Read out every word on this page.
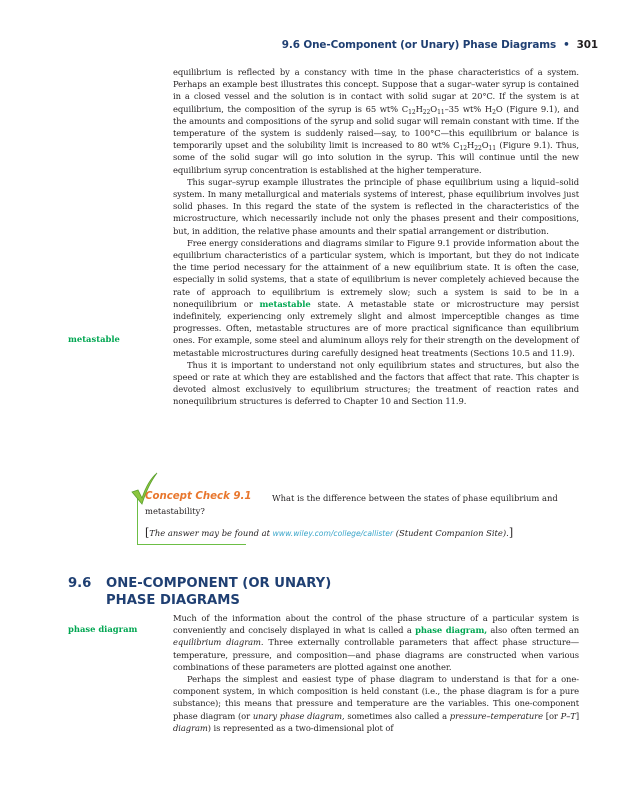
9.6 One-Component (or Unary) Phase Diagrams • 301

equilibrium is reflected by a constancy with time in the phase characteristics of a system. Perhaps an example best illustrates this concept. Suppose that a sugar–water syrup is contained in a closed vessel and the solution is in contact with solid sugar at 20°C. If the system is at equilibrium, the composition of the syrup is 65 wt% $C_{12}H_{22}O_{11}-35$ wt% $H_2O$ (Figure 9.1), and the amounts and compositions of the syrup and solid sugar will remain constant with time. If the temperature of the system is suddenly raised—say, to 100°C—this equilibrium or balance is temporarily upset and the solubility limit is increased to 80 wt% $C_{12}H_{22}O_{11}$ (Figure 9.1). Thus, some of the solid sugar will go into solution in the syrup. This will continue until the new equilibrium syrup concentration is established at the higher temperature.

This sugar–syrup example illustrates the principle of phase equilibrium using a liquid–solid system. In many metallurgical and materials systems of interest, phase equilibrium involves just solid phases. In this regard the state of the system is reflected in the characteristics of the microstructure, which necessarily include not only the phases present and their compositions, but, in addition, the relative phase amounts and their spatial arrangement or distribution.

Free energy considerations and diagrams similar to Figure 9.1 provide information about the equilibrium characteristics of a particular system, which is important, but they do not indicate the time period necessary for the attainment of a new equilibrium state. It is often the case, especially in solid systems, that a state of equilibrium is never completely achieved because the rate of approach to equilibrium is extremely slow; such a system is said to be in a nonequilibrium or metastable state. A metastable state or microstructure may persist indefinitely, experiencing only extremely slight and almost imperceptible changes as time progresses. Often, metastable structures are of more practical significance than equilibrium ones. For example, some steel and aluminum alloys rely for their strength on the development of metastable microstructures during carefully designed heat treatments (Sections 10.5 and 11.9).

Thus it is important to understand not only equilibrium states and structures, but also the speed or rate at which they are established and the factors that affect that rate. This chapter is devoted almost exclusively to equilibrium structures; the treatment of reaction rates and nonequilibrium structures is deferred to Chapter 10 and Section 11.9.

metastable
What is the difference between the states of phase equilibrium and metastability?
Concept Check 9.1
[The answer may be found at www.wiley.com/college/callister (Student Companion Site).]
9.6 ONE-COMPONENT (OR UNARY)
PHASE DIAGRAMS

Much of the information about the control of the phase structure of a particular system is conveniently and concisely displayed in what is called a phase diagram, also often termed an equilibrium diagram. Three externally controllable parameters that affect phase structure—temperature, pressure, and composition—and phase diagrams are constructed when various combinations of these parameters are plotted against one another.

Perhaps the simplest and easiest type of phase diagram to understand is that for a one-component system, in which composition is held constant (i.e., the phase diagram is for a pure substance); this means that pressure and temperature are the variables. This one-component phase diagram (or unary phase diagram, sometimes also called a pressure–temperature [or P–T] diagram) is represented as a two-dimensional plot of

phase diagram
